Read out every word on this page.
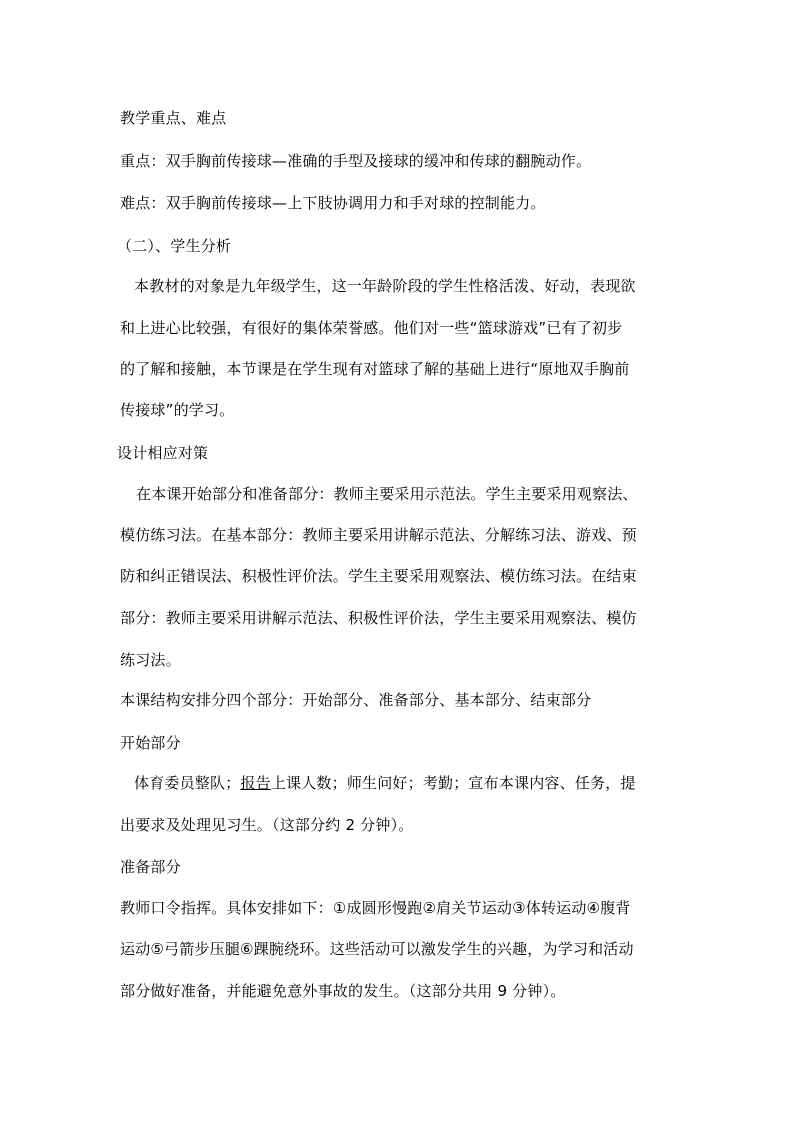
教学重点、难点
重点：双手胸前传接球—准确的手型及接球的缓冲和传球的翻腕动作。
难点：双手胸前传接球—上下肢协调用力和手对球的控制能力。
（二）、学生分析
本教材的对象是九年级学生，这一年龄阶段的学生性格活泼、好动，表现欲
和上进心比较强，有很好的集体荣誉感。他们对一些“篮球游戏”已有了初步
的了解和接触，本节课是在学生现有对篮球了解的基础上进行“原地双手胸前
传接球”的学习。
设计相应对策
在本课开始部分和准备部分：教师主要采用示范法。学生主要采用观察法、
模仿练习法。在基本部分：教师主要采用讲解示范法、分解练习法、游戏、预
防和纠正错误法、积极性评价法。学生主要采用观察法、模仿练习法。在结束
部分：教师主要采用讲解示范法、积极性评价法，学生主要采用观察法、模仿
练习法。
本课结构安排分四个部分：开始部分、准备部分、基本部分、结束部分
开始部分
体育委员整队；报告上课人数；师生问好；考勤；宣布本课内容、任务，提
出要求及处理见习生。（这部分约 2 分钟）。
准备部分
教师口令指挥。具体安排如下：①成圆形慢跑②肩关节运动③体转运动④腹背
运动⑤弓箭步压腿⑥踝腕绕环。这些活动可以激发学生的兴趣，为学习和活动
部分做好准备，并能避免意外事故的发生。（这部分共用 9 分钟）。
